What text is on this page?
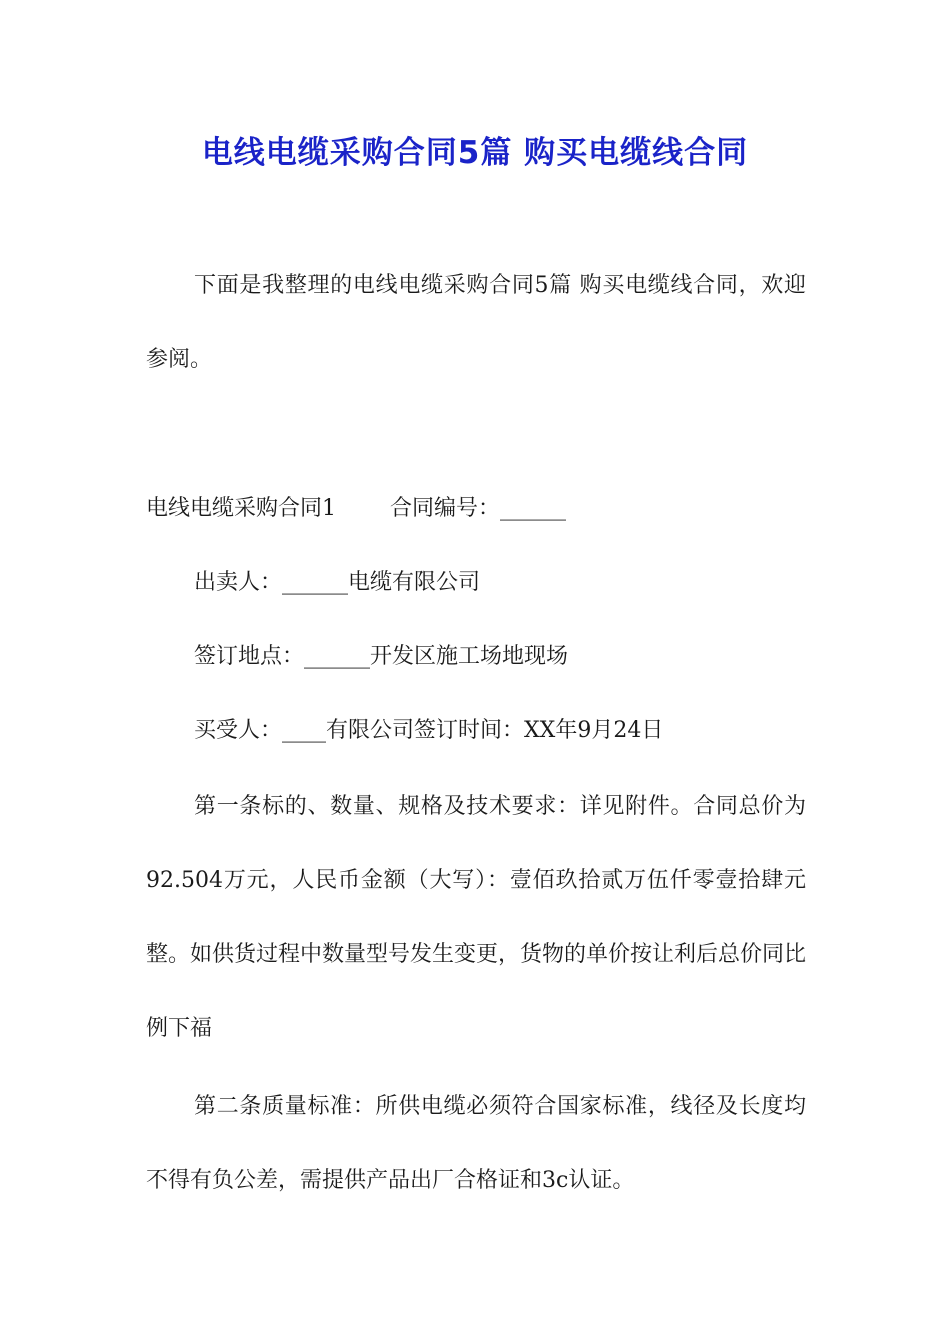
电线电缆采购合同5篇 购买电缆线合同

下面是我整理的电线电缆采购合同5篇 购买电缆线合同，欢迎参阅。

电线电缆采购合同1 合同编号：______

出卖人：______电缆有限公司

签订地点：______开发区施工场地现场

买受人：____有限公司签订时间：XX年9月24日

第一条标的、数量、规格及技术要求：详见附件。合同总价为92.504万元，人民币金额（大写）：壹佰玖拾贰万伍仟零壹拾肆元整。如供货过程中数量型号发生变更，货物的单价按让利后总价同比例下福

第二条质量标准：所供电缆必须符合国家标准，线径及长度均不得有负公差，需提供产品出厂合格证和3c认证。
